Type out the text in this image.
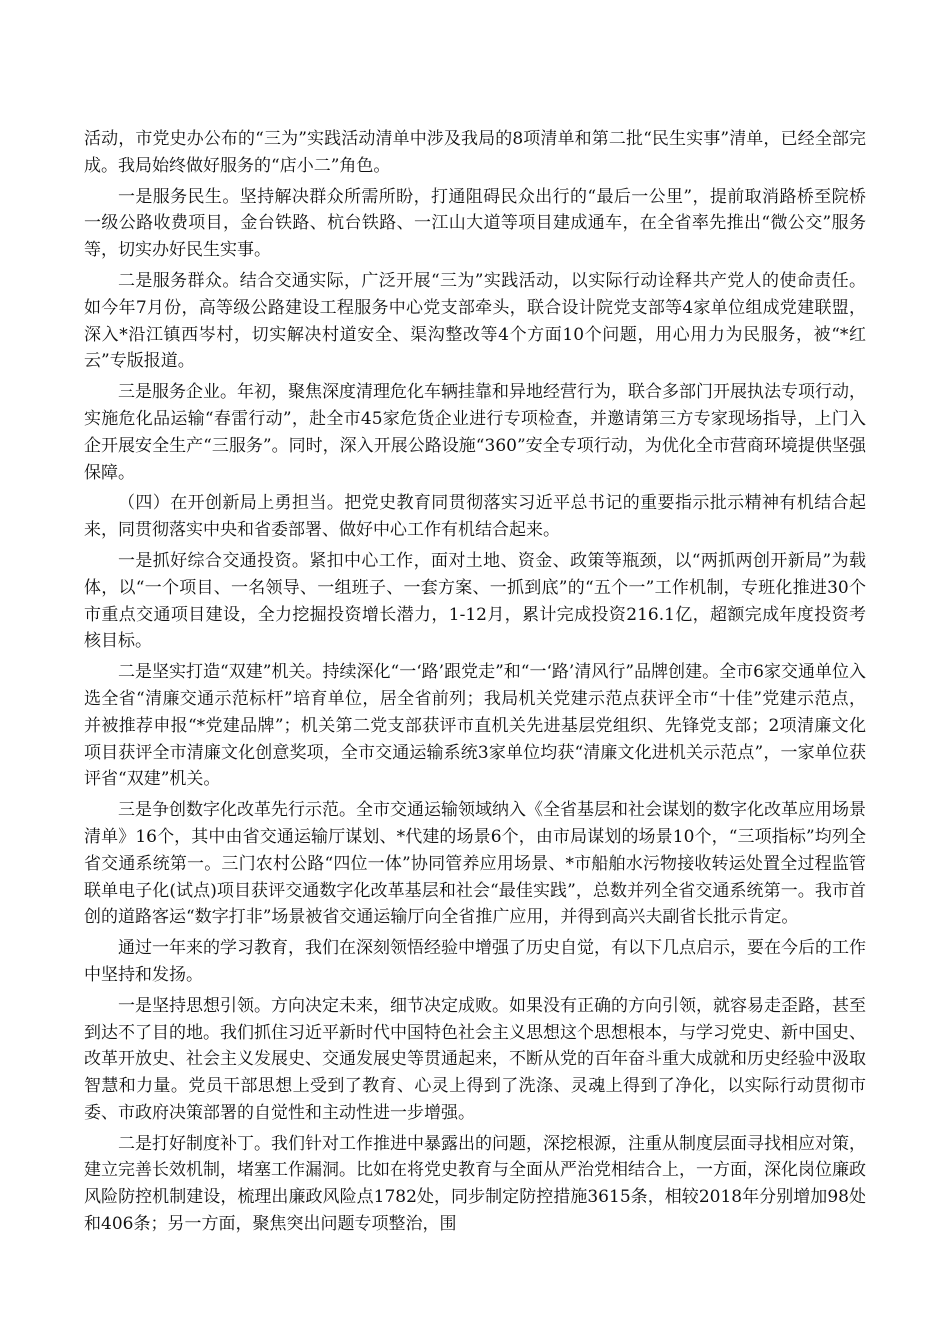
活动，市党史办公布的“三为”实践活动清单中涉及我局的8项清单和第二批“民生实事”清单，已经全部完成。我局始终做好服务的“店小二”角色。

一是服务民生。坚持解决群众所需所盼，打通阻碍民众出行的“最后一公里”，提前取消路桥至院桥一级公路收费项目，金台铁路、杭台铁路、一江山大道等项目建成通车，在全省率先推出“微公交”服务等，切实办好民生实事。

二是服务群众。结合交通实际，广泛开展“三为”实践活动，以实际行动诠释共产党人的使命责任。如今年7月份，高等级公路建设工程服务中心党支部牵头，联合设计院党支部等4家单位组成党建联盟，深入*沿江镇西岑村，切实解决村道安全、渠沟整改等4个方面10个问题，用心用力为民服务，被“*红云”专版报道。

三是服务企业。年初，聚焦深度清理危化车辆挂靠和异地经营行为，联合多部门开展执法专项行动，实施危化品运输“春雷行动”，赴全市45家危货企业进行专项检查，并邀请第三方专家现场指导，上门入企开展安全生产“三服务”。同时，深入开展公路设施“360”安全专项行动，为优化全市营商环境提供坚强保障。

（四）在开创新局上勇担当。把党史教育同贯彻落实习近平总书记的重要指示批示精神有机结合起来，同贯彻落实中央和省委部署、做好中心工作有机结合起来。

一是抓好综合交通投资。紧扣中心工作，面对土地、资金、政策等瓶颈，以“两抓两创开新局”为载体，以“一个项目、一名领导、一组班子、一套方案、一抓到底”的“五个一”工作机制，专班化推进30个市重点交通项目建设，全力挖掘投资增长潜力，1-12月，累计完成投资216.1亿，超额完成年度投资考核目标。

二是坚实打造“双建”机关。持续深化“一‘路’跟党走”和“一‘路’清风行”品牌创建。全市6家交通单位入选全省“清廉交通示范标杆”培育单位，居全省前列；我局机关党建示范点获评全市“十佳”党建示范点，并被推荐申报“*党建品牌”；机关第二党支部获评市直机关先进基层党组织、先锋党支部；2项清廉文化项目获评全市清廉文化创意奖项，全市交通运输系统3家单位均获“清廉文化进机关示范点”，一家单位获评省“双建”机关。

三是争创数字化改革先行示范。全市交通运输领域纳入《全省基层和社会谋划的数字化改革应用场景清单》16个，其中由省交通运输厅谋划、*代建的场景6个，由市局谋划的场景10个，“三项指标”均列全省交通系统第一。三门农村公路“四位一体”协同管养应用场景、*市船舶水污物接收转运处置全过程监管联单电子化(试点)项目获评交通数字化改革基层和社会“最佳实践”，总数并列全省交通系统第一。我市首创的道路客运“数字打非”场景被省交通运输厅向全省推广应用，并得到高兴夫副省长批示肯定。

通过一年来的学习教育，我们在深刻领悟经验中增强了历史自觉，有以下几点启示，要在今后的工作中坚持和发扬。

一是坚持思想引领。方向决定未来，细节决定成败。如果没有正确的方向引领，就容易走歪路，甚至到达不了目的地。我们抓住习近平新时代中国特色社会主义思想这个思想根本，与学习党史、新中国史、改革开放史、社会主义发展史、交通发展史等贯通起来，不断从党的百年奋斗重大成就和历史经验中汲取智慧和力量。党员干部思想上受到了教育、心灵上得到了洗涤、灵魂上得到了净化，以实际行动贯彻市委、市政府决策部署的自觉性和主动性进一步增强。

二是打好制度补丁。我们针对工作推进中暴露出的问题，深挖根源，注重从制度层面寻找相应对策，建立完善长效机制，堵塞工作漏洞。比如在将党史教育与全面从严治党相结合上，一方面，深化岗位廉政风险防控机制建设，梳理出廉政风险点1782处，同步制定防控措施3615条，相较2018年分别增加98处和406条；另一方面，聚焦突出问题专项整治，围
